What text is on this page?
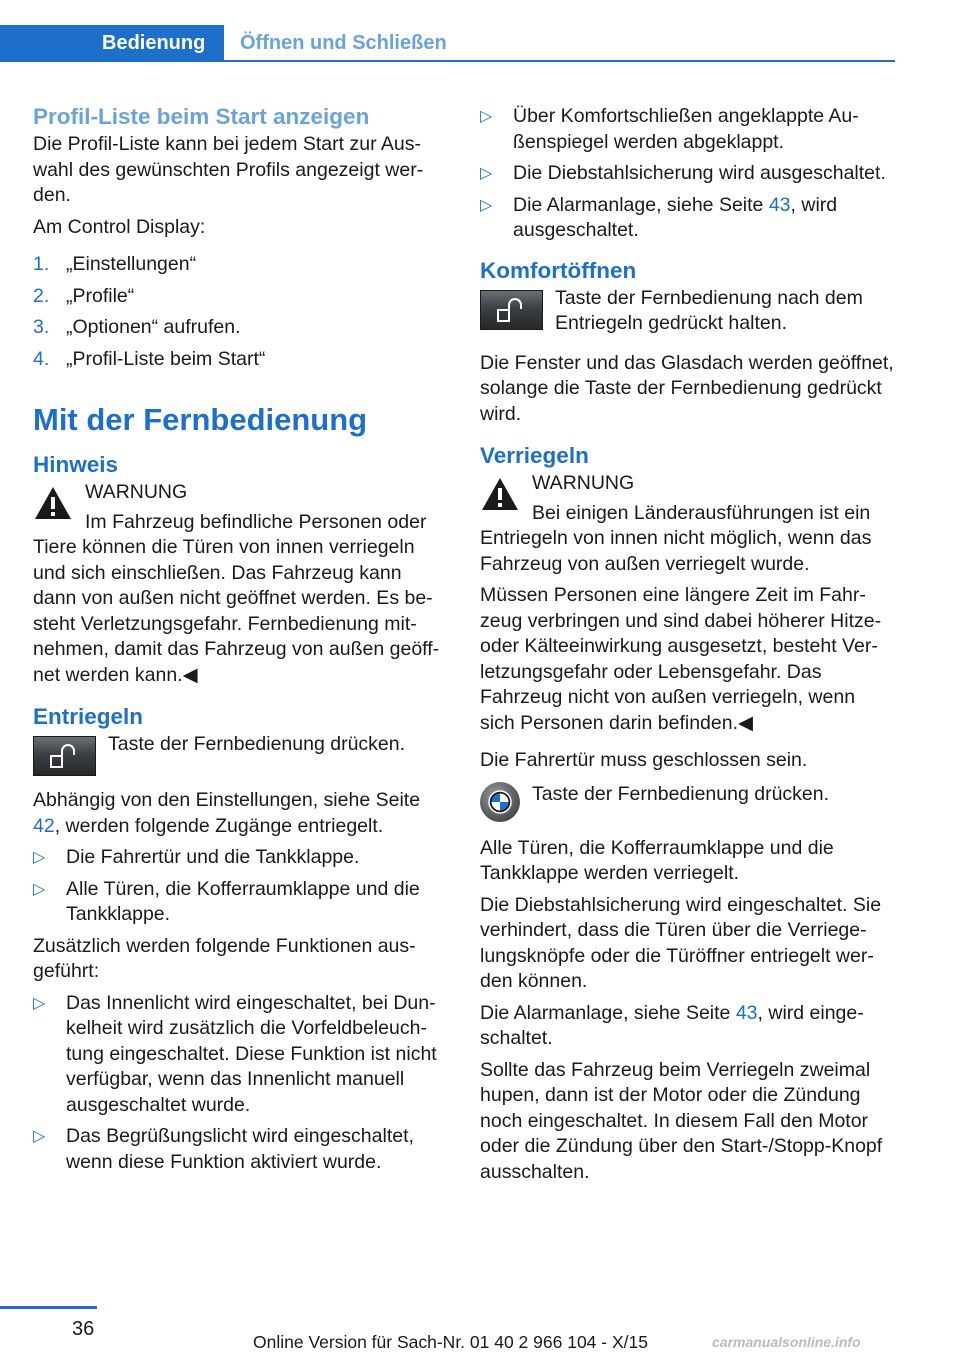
Bedienung	Öffnen und Schließen
Profil-Liste beim Start anzeigen

Die Profil-Liste kann bei jedem Start zur Auswahl des gewünschten Profils angezeigt werden.

Am Control Display:

1. „Einstellungen“
2. „Profile“
3. „Optionen“ aufrufen.
4. „Profil-Liste beim Start“
Mit der Fernbedienung
Hinweis

WARNUNG

Im Fahrzeug befindliche Personen oder Tiere können die Türen von innen verriegeln und sich einschließen. Das Fahrzeug kann dann von außen nicht geöffnet werden. Es besteht Verletzungsgefahr. Fernbedienung mitnehmen, damit das Fahrzeug von außen geöffnet werden kann.◀

Entriegeln

Taste der Fernbedienung drücken.

Abhängig von den Einstellungen, siehe Seite 42, werden folgende Zugänge entriegelt.

▷ Die Fahrertür und die Tankklappe.
▷ Alle Türen, die Kofferraumklappe und die Tankklappe.

Zusätzlich werden folgende Funktionen ausgeführt:

▷ Das Innenlicht wird eingeschaltet, bei Dunkelheit wird zusätzlich die Vorfeldbeleuchtung eingeschaltet. Diese Funktion ist nicht verfügbar, wenn das Innenlicht manuell ausgeschaltet wurde.
▷ Das Begrüßungslicht wird eingeschaltet, wenn diese Funktion aktiviert wurde.
▷ Über Komfortschließen angeklappte Außenspiegel werden abgeklappt.
▷ Die Diebstahlsicherung wird ausgeschaltet.
▷ Die Alarmanlage, siehe Seite 43, wird ausgeschaltet.
Komfortöffnen

Taste der Fernbedienung nach dem Entriegeln gedrückt halten.

Die Fenster und das Glasdach werden geöffnet, solange die Taste der Fernbedienung gedrückt wird.

Verriegeln

WARNUNG

Bei einigen Länderausführungen ist ein Entriegeln von innen nicht möglich, wenn das Fahrzeug von außen verriegelt wurde.

Müssen Personen eine längere Zeit im Fahrzeug verbringen und sind dabei höherer Hitze- oder Kälteeinwirkung ausgesetzt, besteht Verletzungsgefahr oder Lebensgefahr. Das Fahrzeug nicht von außen verriegeln, wenn sich Personen darin befinden.◀

Die Fahrertür muss geschlossen sein.

Taste der Fernbedienung drücken.

Alle Türen, die Kofferraumklappe und die Tankklappe werden verriegelt.

Die Diebstahlsicherung wird eingeschaltet. Sie verhindert, dass die Türen über die Verriegelungsknöpfe oder die Türöffner entriegelt werden können.

Die Alarmanlage, siehe Seite 43, wird eingeschaltet.

Sollte das Fahrzeug beim Verriegeln zweimal hupen, dann ist der Motor oder die Zündung noch eingeschaltet. In diesem Fall den Motor oder die Zündung über den Start-/Stopp-Knopf ausschalten.

36
Online Version für Sach-Nr. 01 40 2 966 104 - X/15	carmanualsonline.info
